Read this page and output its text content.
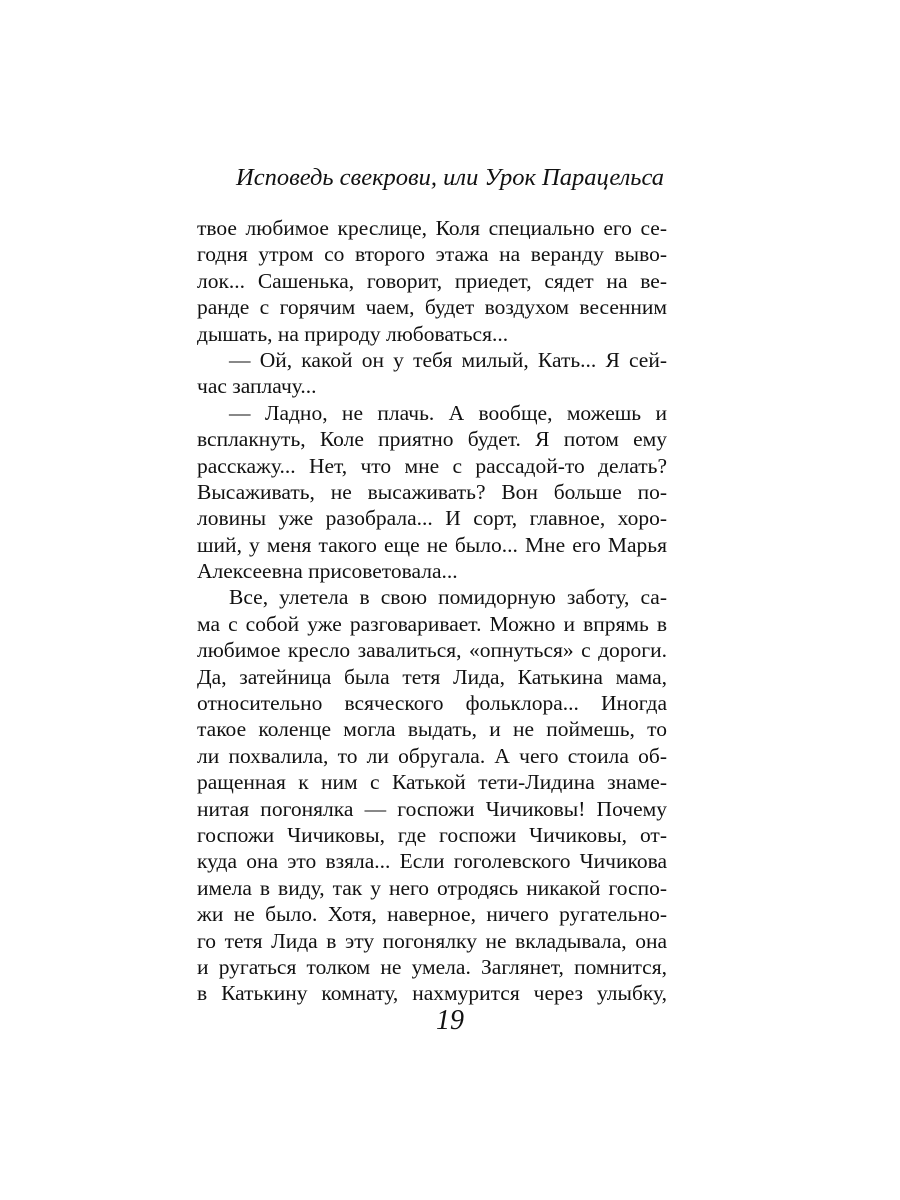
Исповедь свекрови, или Урок Парацельса
твое любимое креслице, Коля специально его се-
годня утром со второго этажа на веранду выво-
лок... Сашенька, говорит, приедет, сядет на ве-
ранде с горячим чаем, будет воздухом весенним
дышать, на природу любоваться...
— Ой, какой он у тебя милый, Кать... Я сей-
час заплачу...
— Ладно, не плачь. А вообще, можешь и
всплакнуть, Коле приятно будет. Я потом ему
расскажу... Нет, что мне с рассадой-то делать?
Высаживать, не высаживать? Вон больше по-
ловины уже разобрала... И сорт, главное, хоро-
ший, у меня такого еще не было... Мне его Марья
Алексеевна присоветовала...
Все, улетела в свою помидорную заботу, са-
ма с собой уже разговаривает. Можно и впрямь в
любимое кресло завалиться, «опнуться» с дороги.
Да, затейница была тетя Лида, Катькина мама,
относительно всяческого фольклора... Иногда
такое коленце могла выдать, и не поймешь, то
ли похвалила, то ли обругала. А чего стоила об-
ращенная к ним с Катькой тети-Лидина знаме-
нитая погонялка — госпожи Чичиковы! Почему
госпожи Чичиковы, где госпожи Чичиковы, от-
куда она это взяла... Если гоголевского Чичикова
имела в виду, так у него отродясь никакой госпо-
жи не было. Хотя, наверное, ничего ругательно-
го тетя Лида в эту погонялку не вкладывала, она
и ругаться толком не умела. Заглянет, помнится,
в Катькину комнату, нахмурится через улыбку,
19
